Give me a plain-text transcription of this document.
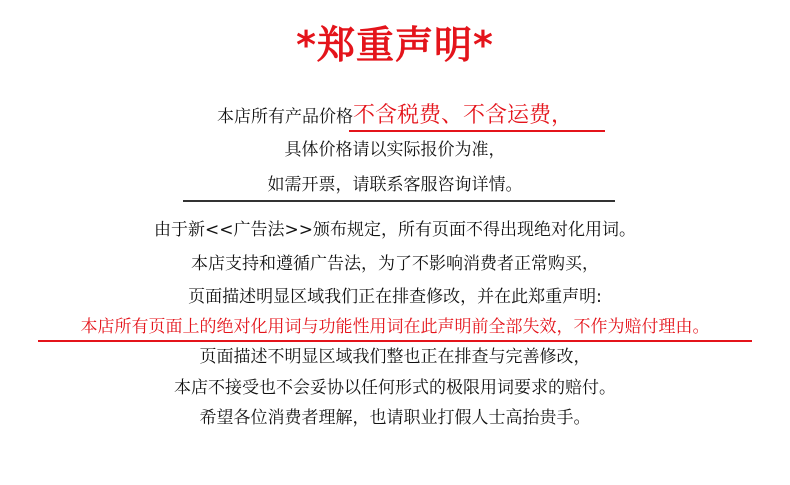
*郑重声明*
本店所有产品价格不含税费、不含运费，
具体价格请以实际报价为准，
如需开票，请联系客服咨询详情。
由于新<<广告法>>颁布规定，所有页面不得出现绝对化用词。
本店支持和遵循广告法，为了不影响消费者正常购买，
页面描述明显区域我们正在排查修改，并在此郑重声明:
本店所有页面上的绝对化用词与功能性用词在此声明前全部失效，不作为赔付理由。
页面描述不明显区域我们整也正在排查与完善修改，
本店不接受也不会妥协以任何形式的极限用词要求的赔付。
希望各位消费者理解，也请职业打假人士高抬贵手。
